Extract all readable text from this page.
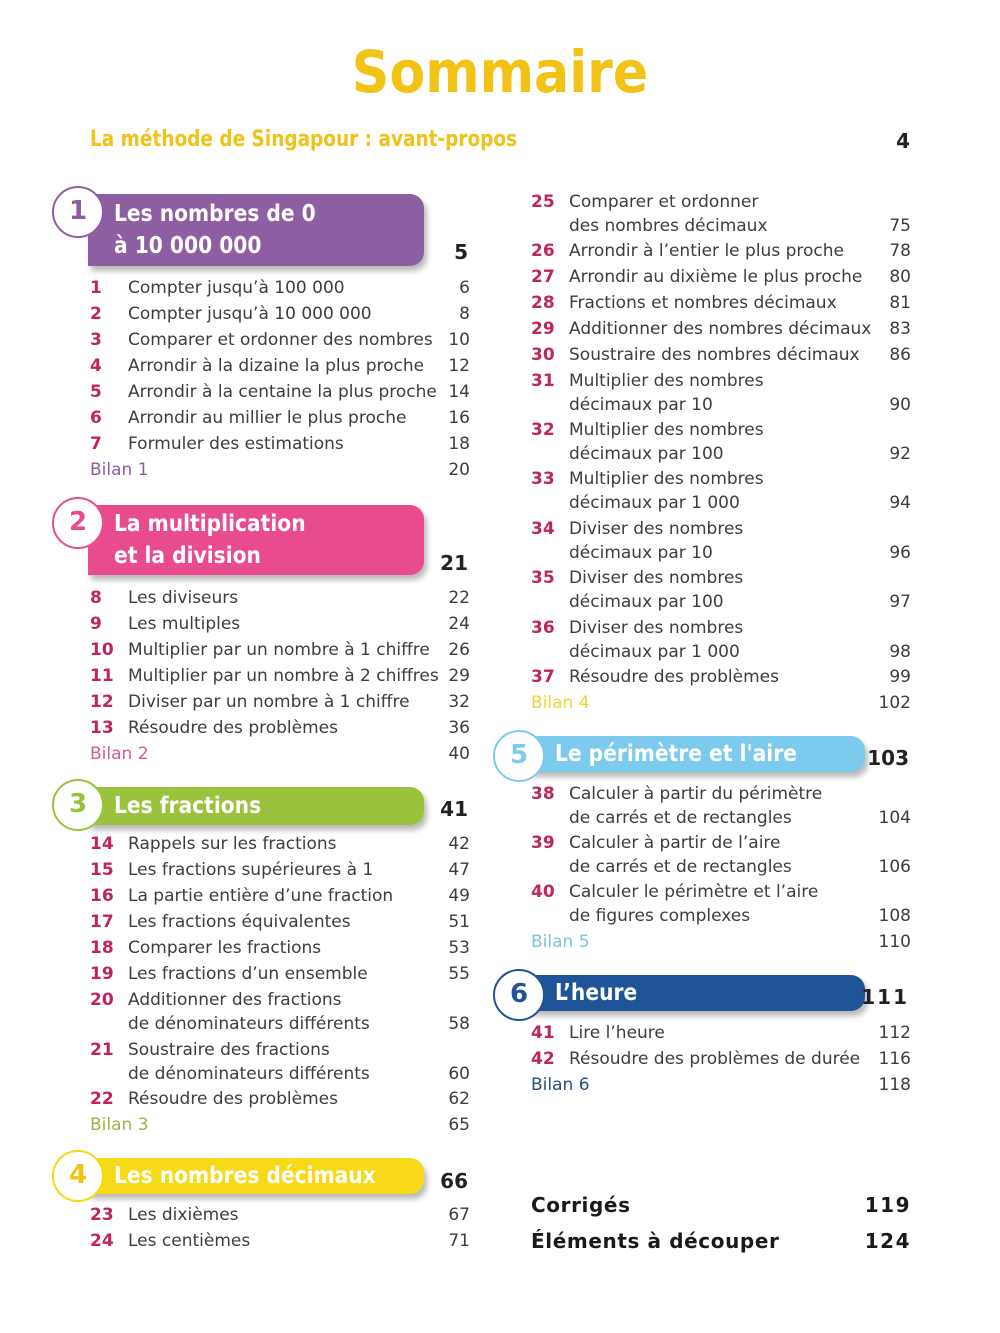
Sommaire
La méthode de Singapour : avant-propos	4
1	Les nombres de 0
à 10 000 000	5
1 Compter jusqu’à 100 000	6
2 Compter jusqu’à 10 000 000	8
3 Comparer et ordonner des nombres 10
4 Arrondir à la dizaine la plus proche 12
5 Arrondir à la centaine la plus proche 14
6 Arrondir au millier le plus proche 16
7 Formuler des estimations	18
Bilan 1	20
2	La multiplication
et la division	21
8 Les diviseurs	22
9 Les multiples	24
10 Multiplier par un nombre à 1 chiffre 26
11 Multiplier par un nombre à 2 chiffres 29
12 Diviser par un nombre à 1 chiffre 32
13 Résoudre des problèmes	36
Bilan 2	40
3	Les fractions	41
14 Rappels sur les fractions	42
15 Les fractions supérieures à 1	47
16 La partie entière d’une fraction	49
17 Les fractions équivalentes	51
18 Comparer les fractions	53
19 Les fractions d’un ensemble	55
20 Additionner des fractions
de dénominateurs différents	58
21 Soustraire des fractions
de dénominateurs différents	60
22 Résoudre des problèmes	62
Bilan 3	65
4	Les nombres décimaux	66
23 Les dixièmes	67
24 Les centièmes	71
25 Comparer et ordonner
des nombres décimaux	75
26 Arrondir à l’entier le plus proche	78
27 Arrondir au dixième le plus proche 80
28 Fractions et nombres décimaux	81
29 Additionner des nombres décimaux 83
30 Soustraire des nombres décimaux 86
31 Multiplier des nombres
décimaux par 10	90
32 Multiplier des nombres
décimaux par 100	92
33 Multiplier des nombres
décimaux par 1 000	94
34 Diviser des nombres
décimaux par 10	96
35 Diviser des nombres
décimaux par 100	97
36 Diviser des nombres
décimaux par 1 000	98
37 Résoudre des problèmes	99
Bilan 4	102
5	Le périmètre et l'aire	103
38 Calculer à partir du périmètre
de carrés et de rectangles	104
39 Calculer à partir de l’aire
de carrés et de rectangles	106
40 Calculer le périmètre et l’aire
de figures complexes	108
Bilan 5	110
6	L’heure	111
41 Lire l’heure	112
42 Résoudre des problèmes de durée 116
Bilan 6	118
Corrigés	119
Éléments à découper	124
